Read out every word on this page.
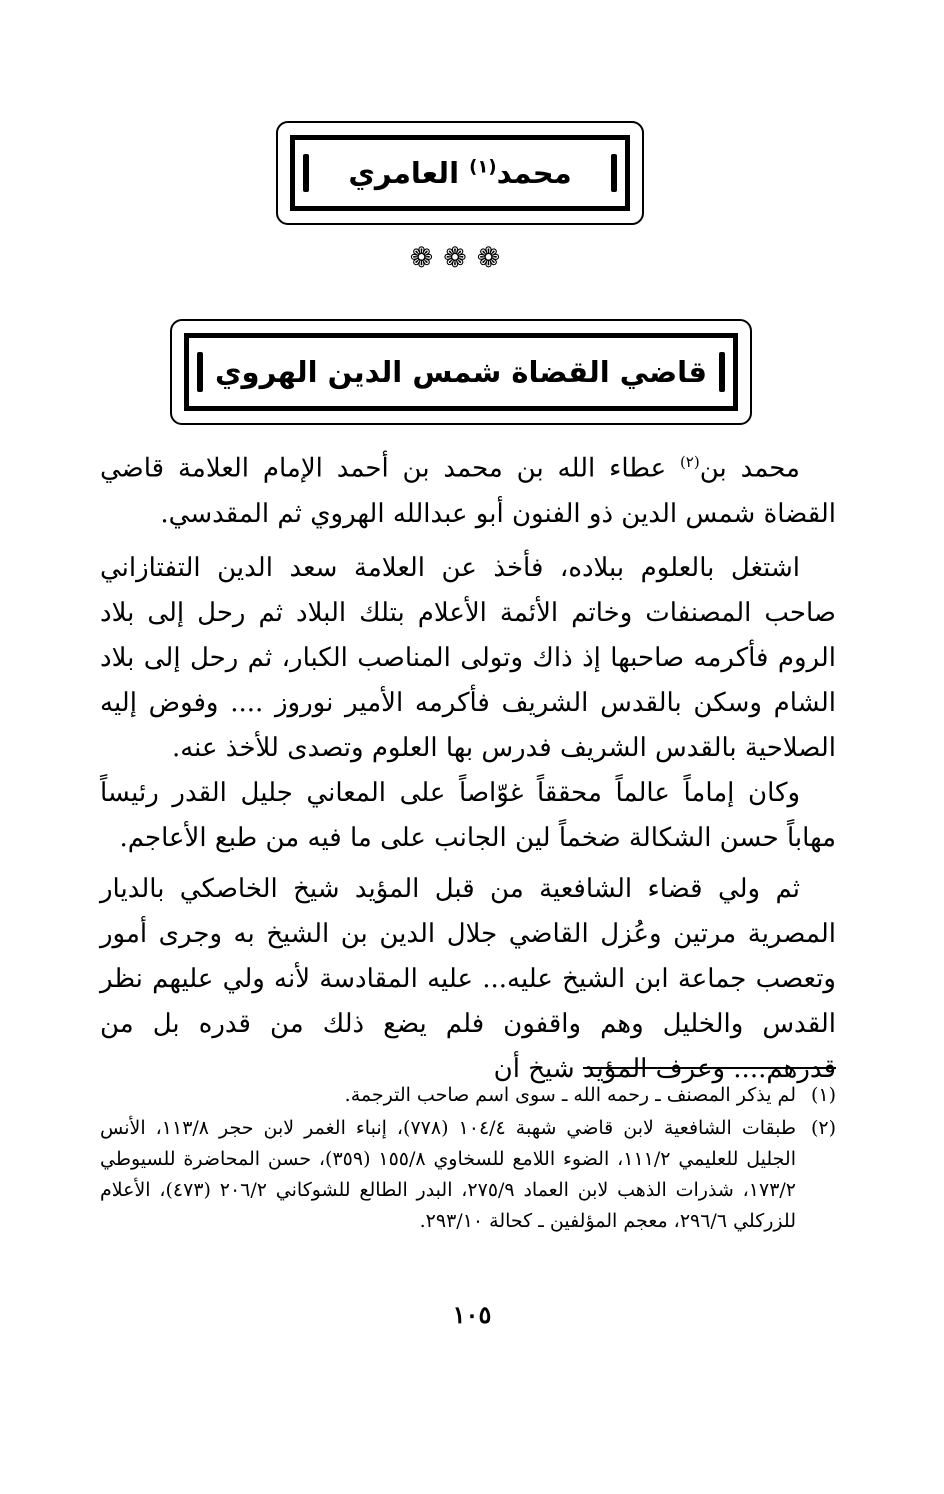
محمد$^{(١)}$ العامري
❁❁❁
قاضي القضاة شمس الدين الهروي

محمد بن$^{(٢)}$ عطاء الله بن محمد بن أحمد الإمام العلامة قاضي القضاة شمس الدين ذو الفنون أبو عبدالله الهروي ثم المقدسي.

اشتغل بالعلوم ببلاده، فأخذ عن العلامة سعد الدين التفتازاني صاحب المصنفات وخاتم الأئمة الأعلام بتلك البلاد ثم رحل إلى بلاد الروم فأكرمه صاحبها إذ ذاك وتولى المناصب الكبار، ثم رحل إلى بلاد الشام وسكن بالقدس الشريف فأكرمه الأمير نوروز .... وفوض إليه الصلاحية بالقدس الشريف فدرس بها العلوم وتصدى للأخذ عنه.

وكان إماماً عالماً محققاً غوّاصاً على المعاني جليل القدر رئيساً مهاباً حسن الشكالة ضخماً لين الجانب على ما فيه من طبع الأعاجم.

ثم ولي قضاء الشافعية من قبل المؤيد شيخ الخاصكي بالديار المصرية مرتين وعُزل القاضي جلال الدين بن الشيخ به وجرى أمور وتعصب جماعة ابن الشيخ عليه... عليه المقادسة لأنه ولي عليهم نظر القدس والخليل وهم واقفون فلم يضع ذلك من قدره بل من قدرهم.... وعرف المؤيد شيخ أن

(١)
لم يذكر المصنف ـ رحمه الله ـ سوى اسم صاحب الترجمة.
(٢)
طبقات الشافعية لابن قاضي شهبة ١٠٤/٤ (٧٧٨)، إنباء الغمر لابن حجر ١١٣/٨، الأنس الجليل للعليمي ١١١/٢، الضوء اللامع للسخاوي ١٥٥/٨ (٣٥٩)، حسن المحاضرة للسيوطي ١٧٣/٢، شذرات الذهب لابن العماد ٢٧٥/٩، البدر الطالع للشوكاني ٢٠٦/٢ (٤٧٣)، الأعلام للزركلي ٢٩٦/٦، معجم المؤلفين ـ كحالة ٢٩٣/١٠.
١٠٥
